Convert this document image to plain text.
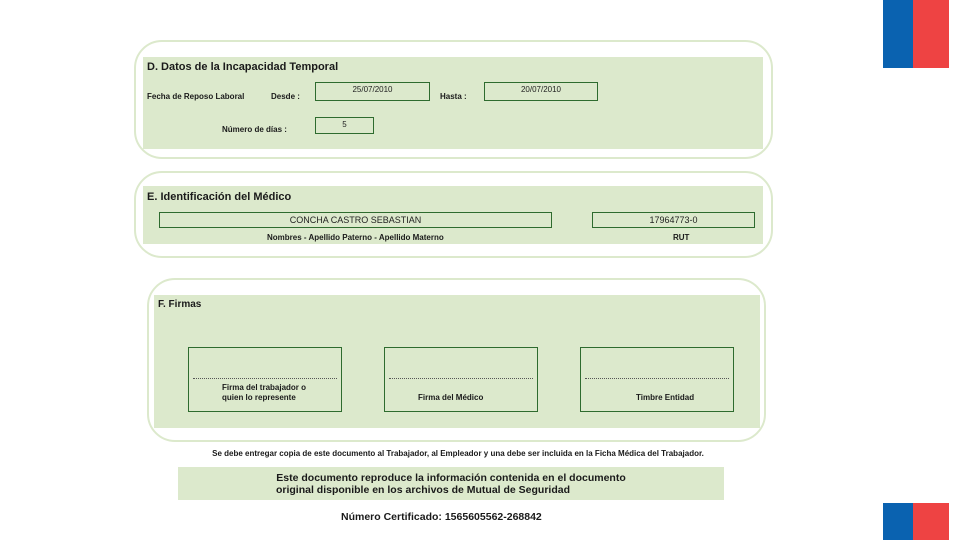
D. Datos de la Incapacidad Temporal
Fecha de Reposo Laboral	Desde :
25/07/2010
Hasta :
20/07/2010
Número de días :
5
E. Identificación del Médico
CONCHA CASTRO SEBASTIAN
Nombres - Apellido Paterno - Apellido Materno
17964773-0
RUT
F. Firmas
Firma del trabajador o
quien lo represente	Firma del Médico	Timbre Entidad
Se debe entregar copia de este documento al Trabajador, al Empleador y una debe ser incluida en la Ficha Médica del Trabajador.
Este documento reproduce la información contenida en el documento
original disponible en los archivos de Mutual de Seguridad
Número Certificado: 1565605562-268842
